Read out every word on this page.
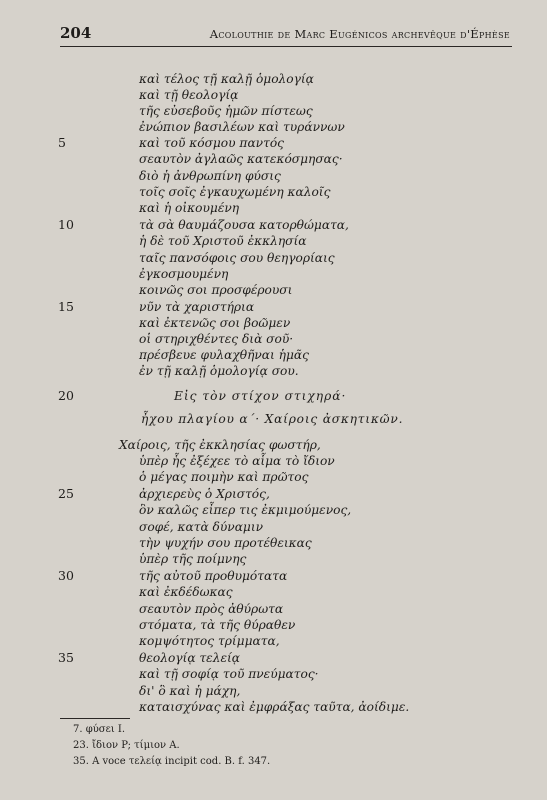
204	Acolouthie de Marc Eugénicos archevêque d'Éphèse
5
10
15
20
25
30
35
καὶ τέλος τῇ καλῇ ὁμολογίᾳ
καὶ τῇ θεολογίᾳ
τῆς εὐσεβοῦς ἡμῶν πίστεως
ἐνώπιον βασιλέων καὶ τυράννων
καὶ τοῦ κόσμου παντός
σεαυτὸν ἀγλαῶς κατεκόσμησας·
διὸ ἡ ἀνθρωπίνη φύσις
τοῖς σοῖς ἐγκαυχωμένη καλοῖς
καὶ ἡ οἰκουμένη
τὰ σὰ θαυμάζουσα κατορθώματα,
ἡ δὲ τοῦ Χριστοῦ ἐκκλησία
ταῖς πανσόφοις σου θεηγορίαις
ἐγκοσμουμένη
κοινῶς σοι προσφέρουσι
νῦν τὰ χαριστήρια
καὶ ἐκτενῶς σοι βοῶμεν
οἱ στηριχθέντες διὰ σοῦ·
πρέσβευε φυλαχθῆναι ἡμᾶς
ἐν τῇ καλῇ ὁμολογίᾳ σου.
Εἰς τὸν στίχον στιχηρά·
ἦχου πλαγίου α΄· Χαίροις ἀσκητικῶν.
Χαίροις, τῆς ἐκκλησίας φωστήρ,
ὑπὲρ ἧς ἐξέχεε τὸ αἷμα τὸ ἴδιον
ὁ μέγας ποιμὴν καὶ πρῶτος
ἀρχιερεὺς ὁ Χριστός,
ὃν καλῶς εἶπερ τις ἐκμιμούμενος,
σοφέ, κατὰ δύναμιν
τὴν ψυχήν σου προτέθεικας
ὑπὲρ τῆς ποίμνης
τῆς αὐτοῦ προθυμότατα
καὶ ἐκδέδωκας
σεαυτὸν πρὸς ἀθύρωτα
στόματα, τὰ τῆς θύραθεν
κομψότητος τρίμματα,
θεολογίᾳ τελείᾳ
καὶ τῇ σοφίᾳ τοῦ πνεύματος·
δι' ὃ καὶ ἡ μάχη,
καταισχύνας καὶ ἐμφράξας ταῦτα, ἀοίδιμε.
7. φύσει I.
23. ἴδιον P; τίμιον A.
35. A voce τελείᾳ incipit cod. B. f. 347.
